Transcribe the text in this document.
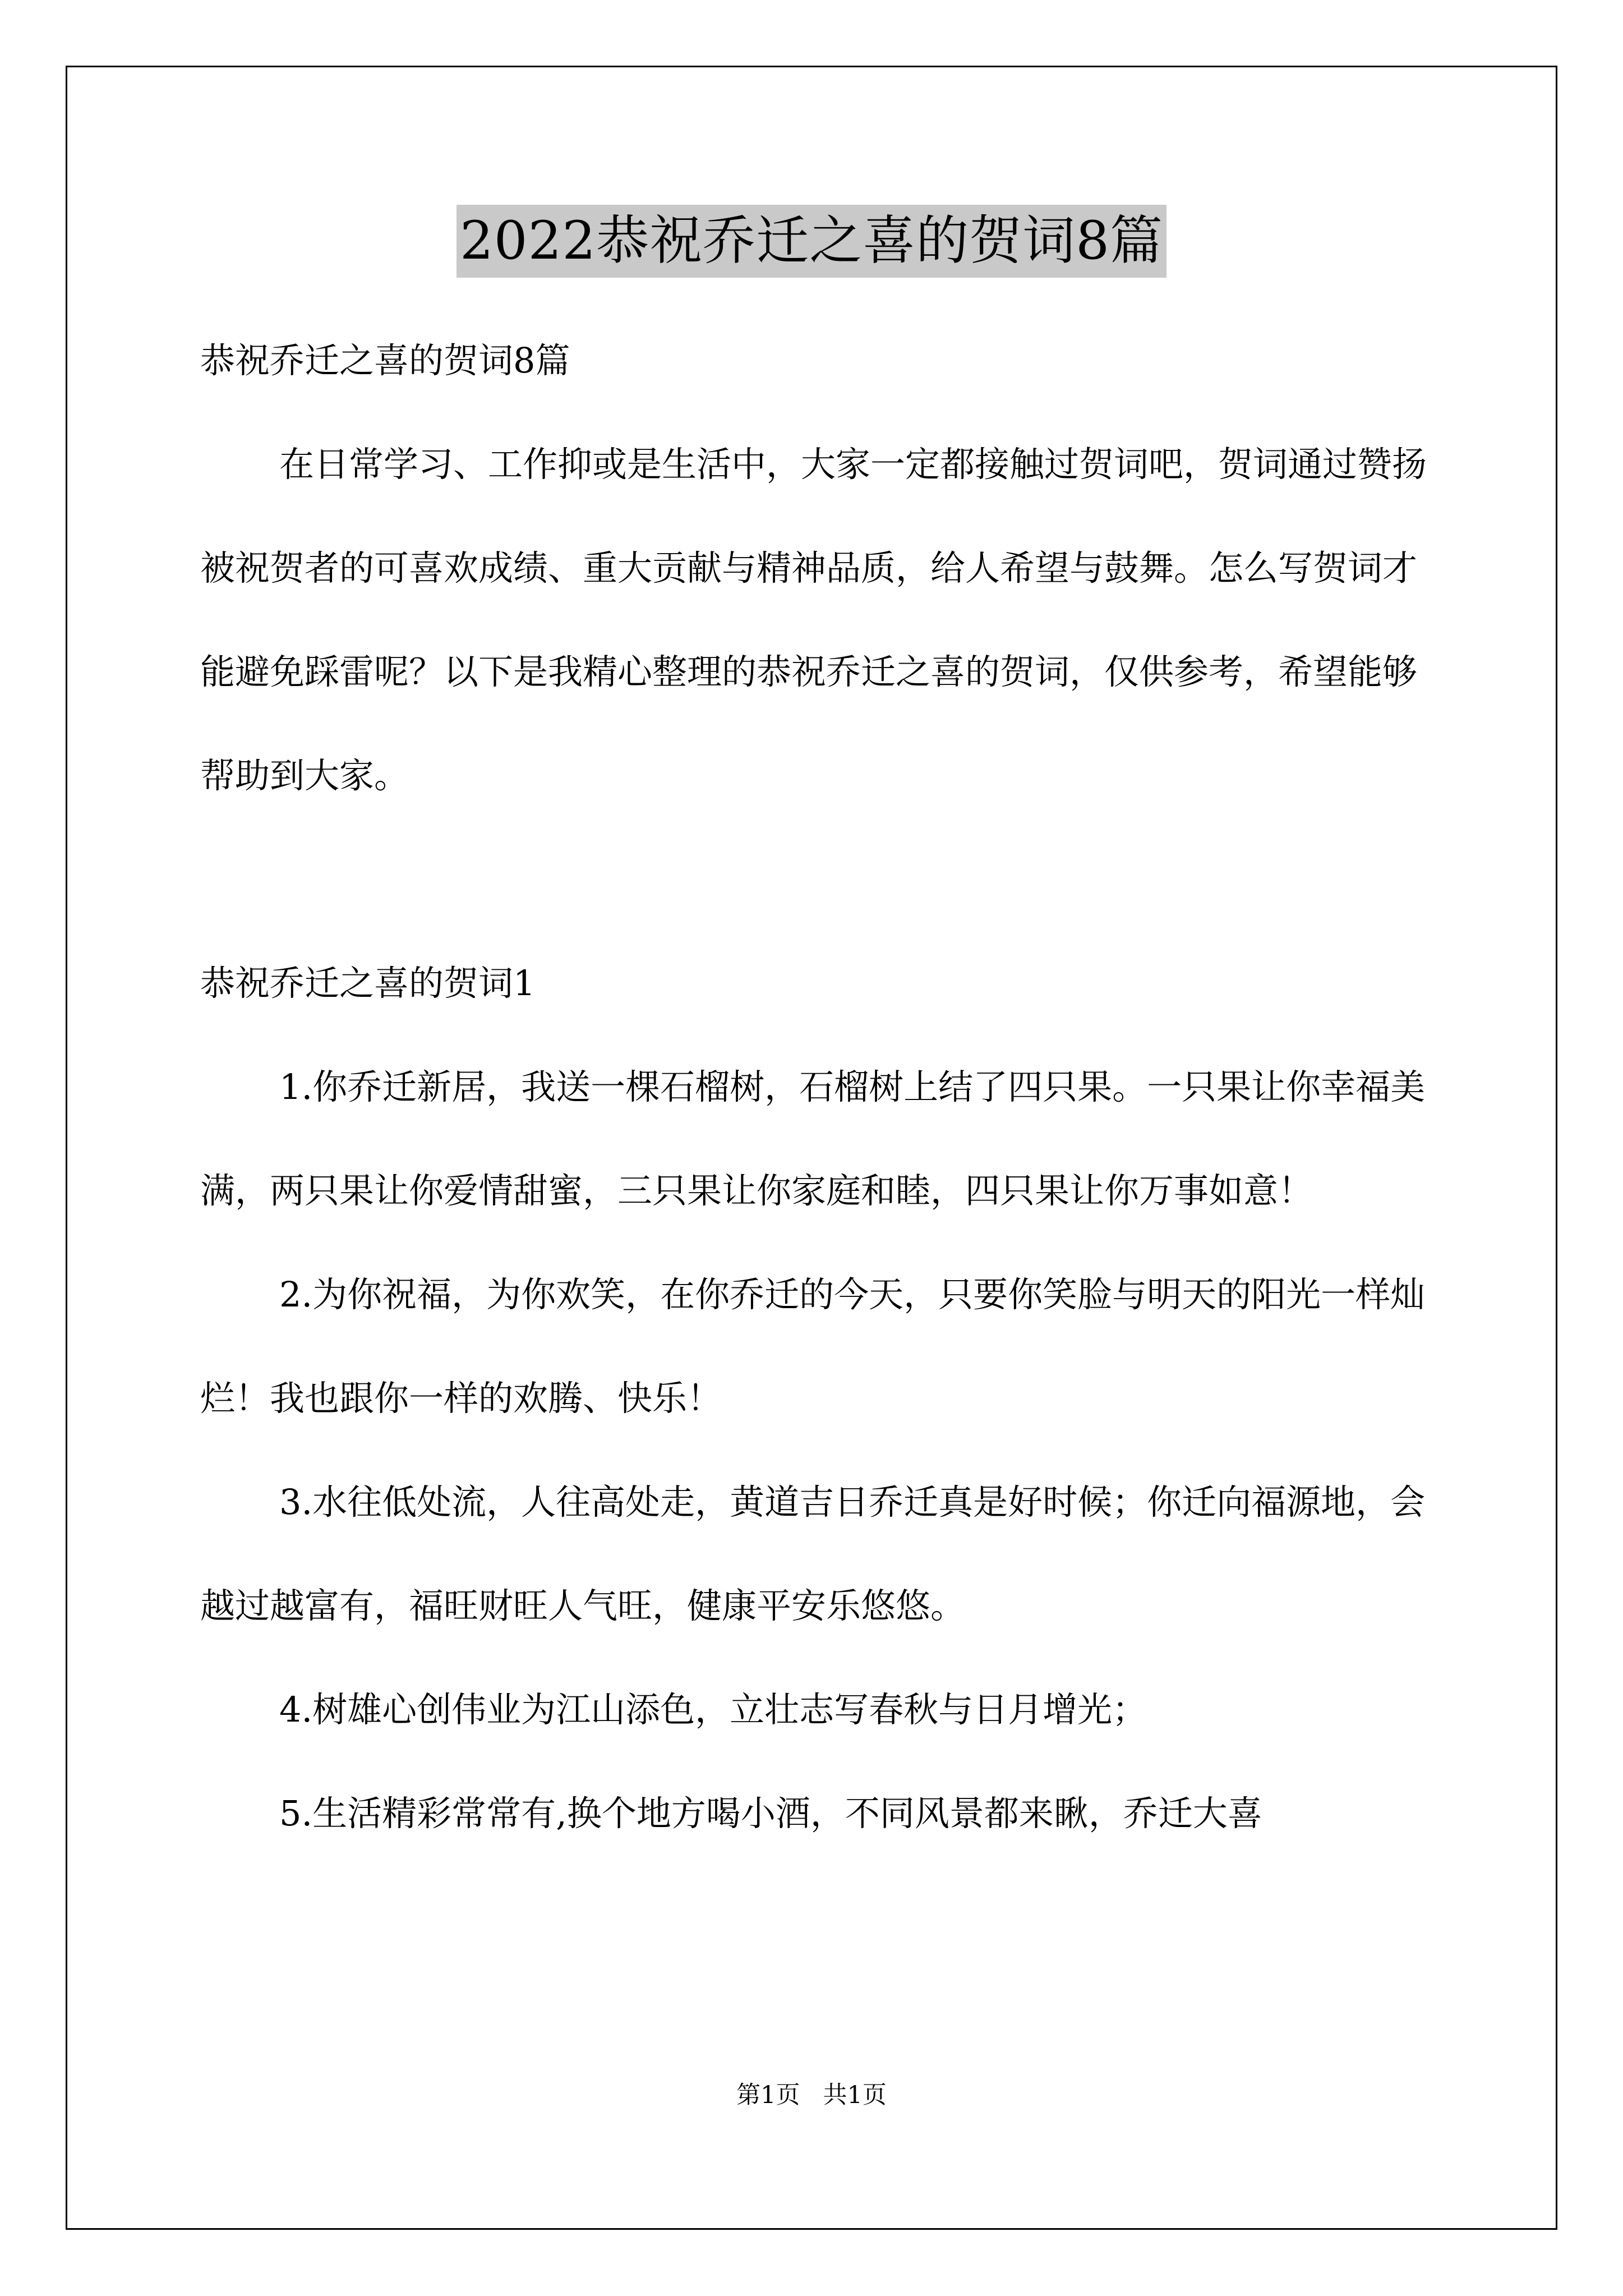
2022恭祝乔迁之喜的贺词8篇

恭祝乔迁之喜的贺词8篇

在日常学习、工作抑或是生活中，大家一定都接触过贺词吧，贺词通过赞扬被祝贺者的可喜欢成绩、重大贡献与精神品质，给人希望与鼓舞。怎么写贺词才能避免踩雷呢？以下是我精心整理的恭祝乔迁之喜的贺词，仅供参考，希望能够帮助到大家。

恭祝乔迁之喜的贺词1

1.你乔迁新居，我送一棵石榴树，石榴树上结了四只果。一只果让你幸福美满，两只果让你爱情甜蜜，三只果让你家庭和睦，四只果让你万事如意！

2.为你祝福，为你欢笑，在你乔迁的今天，只要你笑脸与明天的阳光一样灿烂！我也跟你一样的欢腾、快乐！

3.水往低处流，人往高处走，黄道吉日乔迁真是好时候；你迁向福源地，会越过越富有，福旺财旺人气旺，健康平安乐悠悠。

4.树雄心创伟业为江山添色，立壮志写春秋与日月增光；

5.生活精彩常常有,换个地方喝小酒，不同风景都来瞅，乔迁大喜

第1页   共1页
